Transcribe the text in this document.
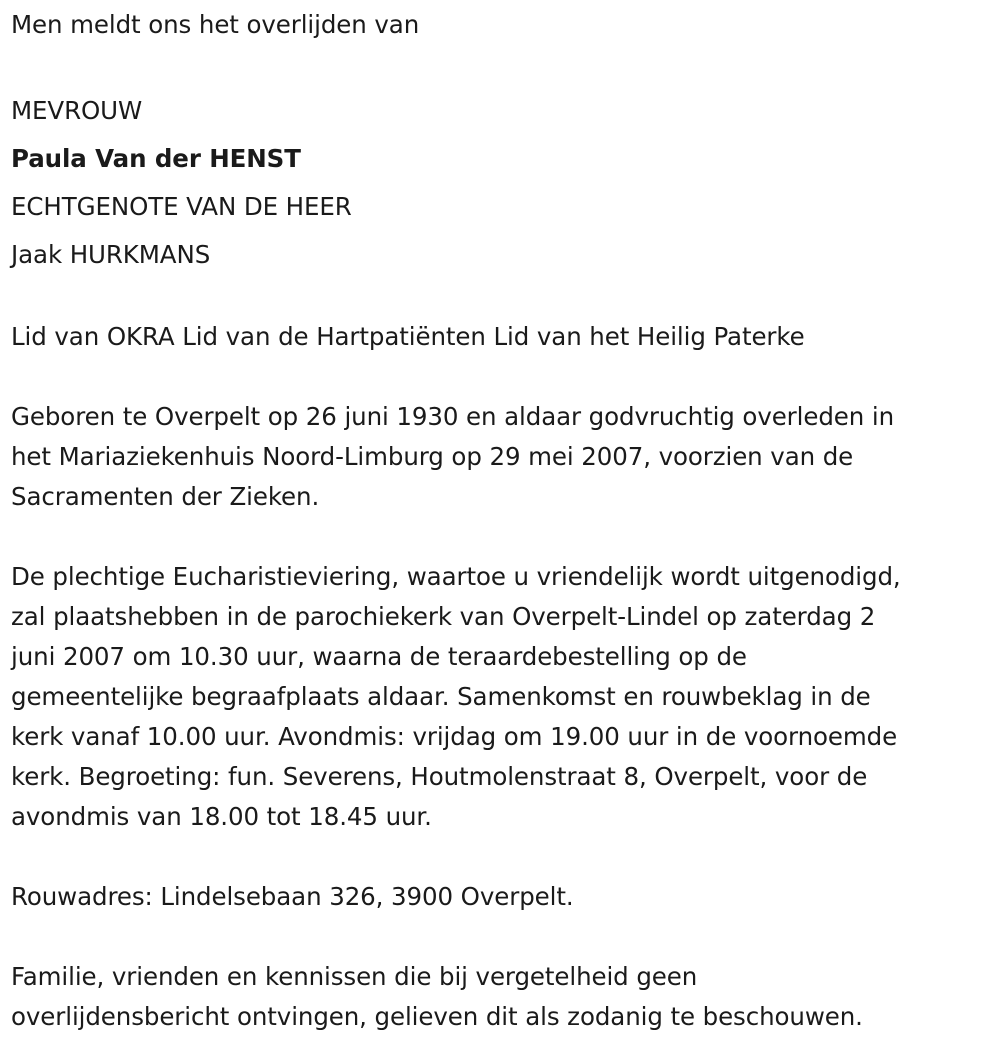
Men meldt ons het overlijden van
MEVROUW
Paula Van der HENST
ECHTGENOTE VAN DE HEER
Jaak HURKMANS
Lid van OKRA Lid van de Hartpatiënten Lid van het Heilig Paterke
Geboren te Overpelt op 26 juni 1930 en aldaar godvruchtig overleden in
het Mariaziekenhuis Noord-Limburg op 29 mei 2007, voorzien van de
Sacramenten der Zieken.
De plechtige Eucharistieviering, waartoe u vriendelijk wordt uitgenodigd,
zal plaatshebben in de parochiekerk van Overpelt-Lindel op zaterdag 2
juni 2007 om 10.30 uur, waarna de teraardebestelling op de
gemeentelijke begraafplaats aldaar. Samenkomst en rouwbeklag in de
kerk vanaf 10.00 uur. Avondmis: vrijdag om 19.00 uur in de voornoemde
kerk. Begroeting: fun. Severens, Houtmolenstraat 8, Overpelt, voor de
avondmis van 18.00 tot 18.45 uur.
Rouwadres: Lindelsebaan 326, 3900 Overpelt.
Familie, vrienden en kennissen die bij vergetelheid geen
overlijdensbericht ontvingen, gelieven dit als zodanig te beschouwen.
